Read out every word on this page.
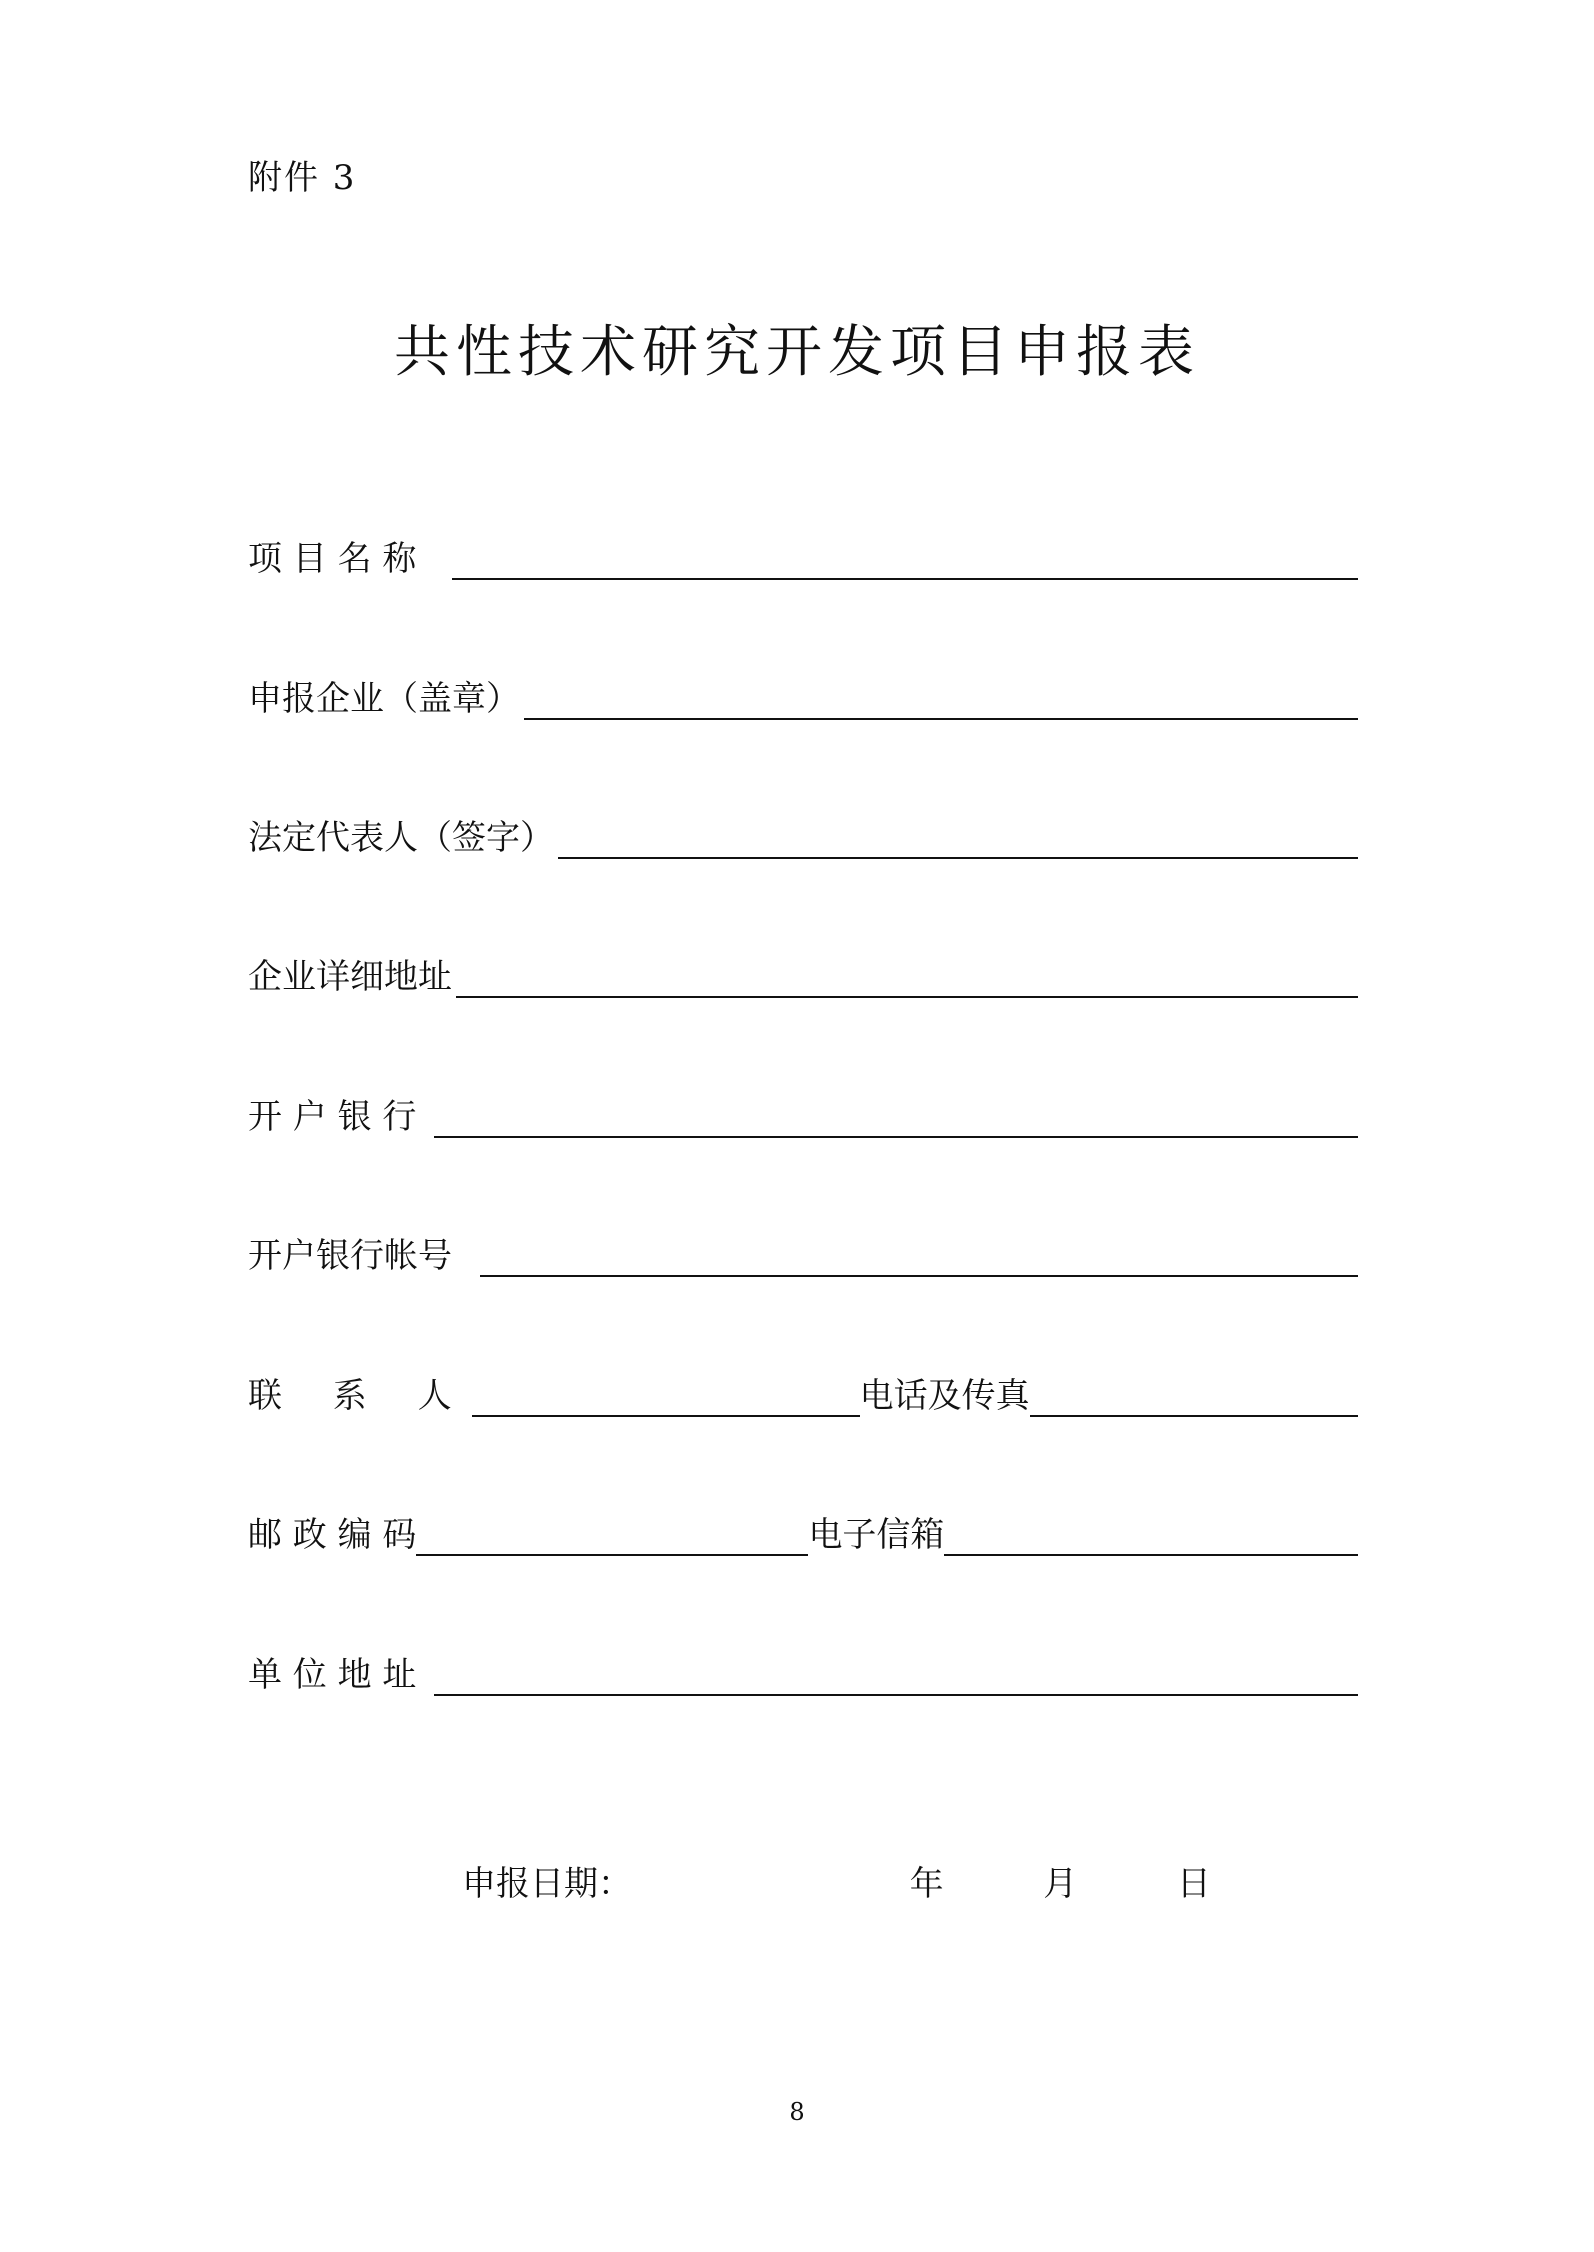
附件 3
共性技术研究开发项目申报表
项 目 名 称
申报企业（盖章）
法定代表人（签字）
企业详细地址
开 户 银 行
开户银行帐号
联 系 人	电话及传真
邮 政 编 码	电子信箱
单 位 地 址
申报日期：	年	月	日
8
